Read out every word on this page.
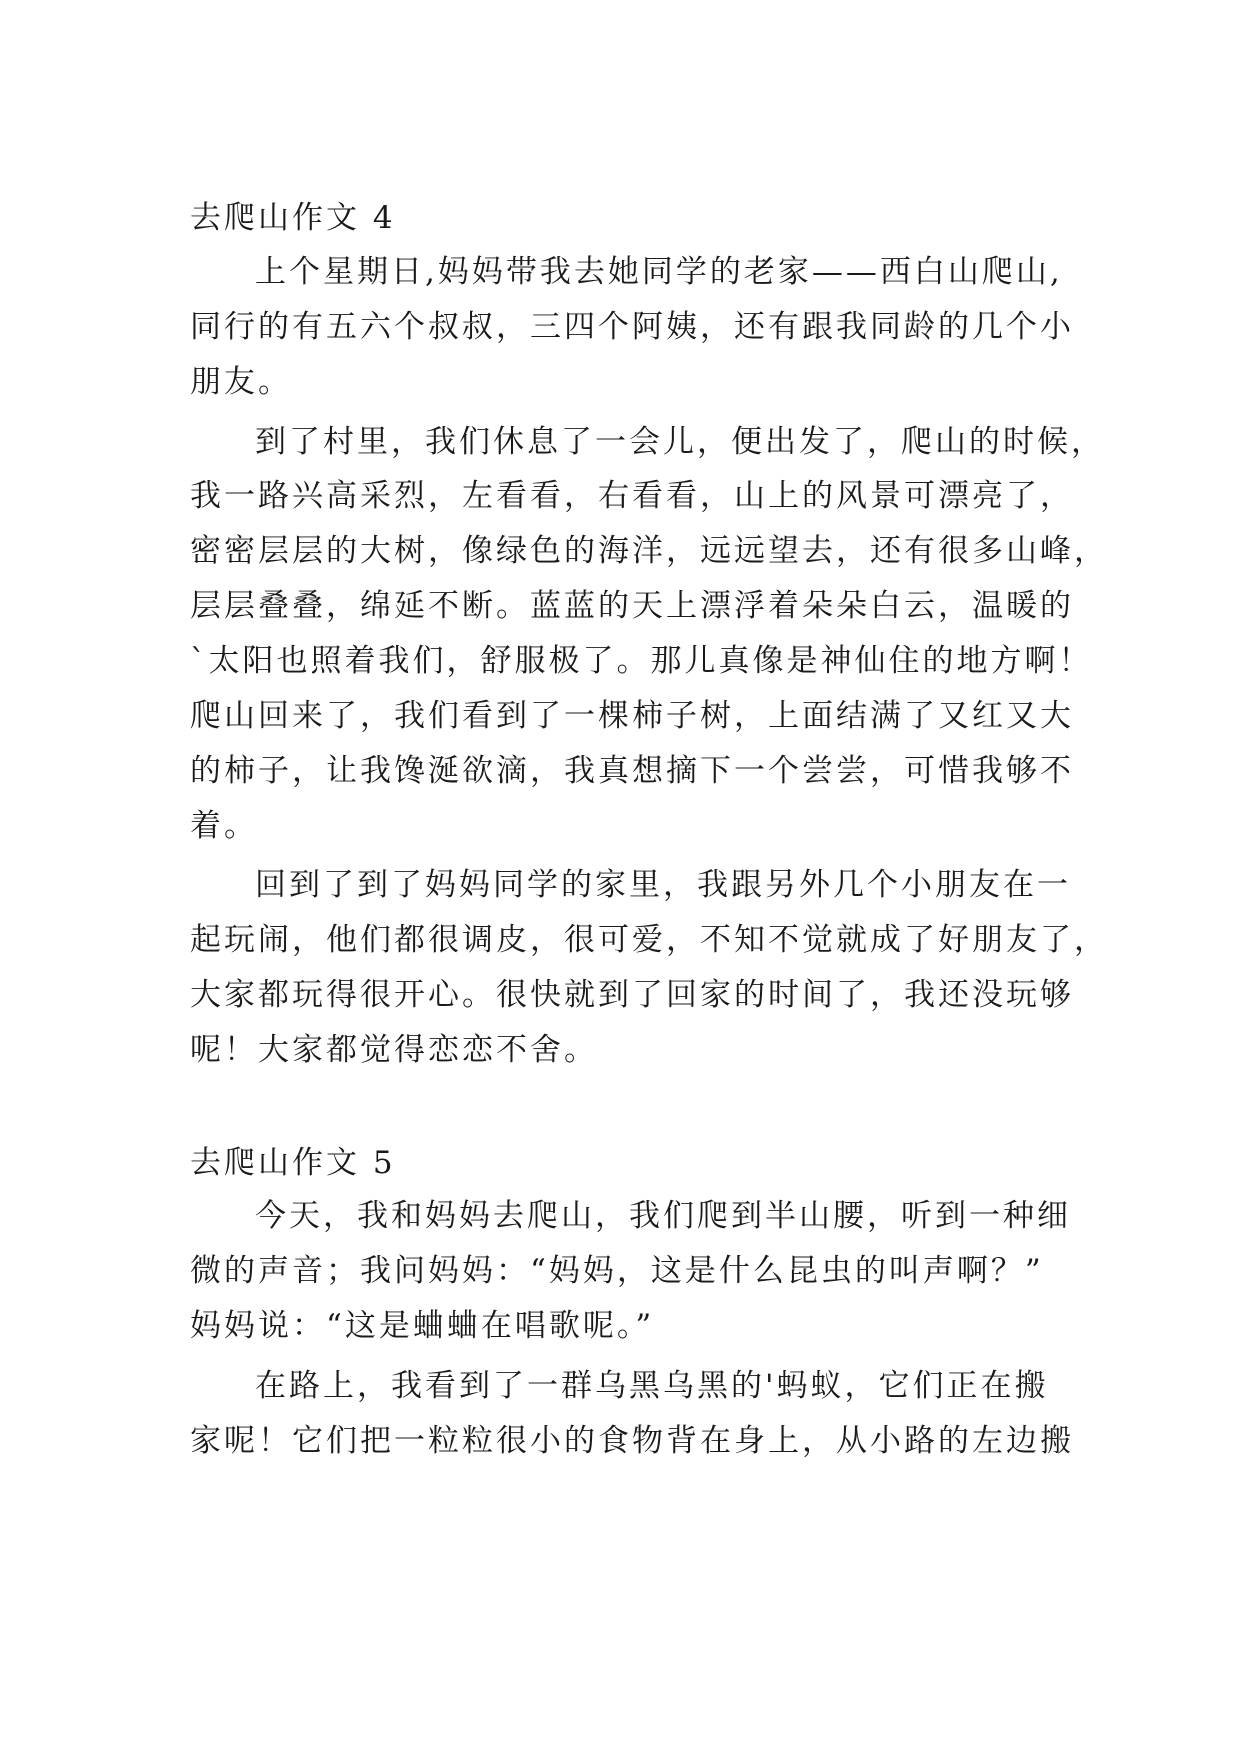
去爬山作文 4
上个星期日,妈妈带我去她同学的老家——西白山爬山,
同行的有五六个叔叔，三四个阿姨，还有跟我同龄的几个小
朋友。
到了村里，我们休息了一会儿，便出发了，爬山的时候，
我一路兴高采烈，左看看，右看看，山上的风景可漂亮了，
密密层层的大树，像绿色的海洋，远远望去，还有很多山峰，
层层叠叠，绵延不断。蓝蓝的天上漂浮着朵朵白云，温暖的
`太阳也照着我们，舒服极了。那儿真像是神仙住的地方啊！
爬山回来了，我们看到了一棵柿子树，上面结满了又红又大
的柿子，让我馋涎欲滴，我真想摘下一个尝尝，可惜我够不
着。
回到了到了妈妈同学的家里，我跟另外几个小朋友在一
起玩闹，他们都很调皮，很可爱，不知不觉就成了好朋友了，
大家都玩得很开心。很快就到了回家的时间了，我还没玩够
呢！大家都觉得恋恋不舍。
去爬山作文 5
今天，我和妈妈去爬山，我们爬到半山腰，听到一种细
微的声音；我问妈妈：“妈妈，这是什么昆虫的叫声啊？”
妈妈说：“这是蛐蛐在唱歌呢。”
在路上，我看到了一群乌黑乌黑的'蚂蚁，它们正在搬
家呢！它们把一粒粒很小的食物背在身上，从小路的左边搬
